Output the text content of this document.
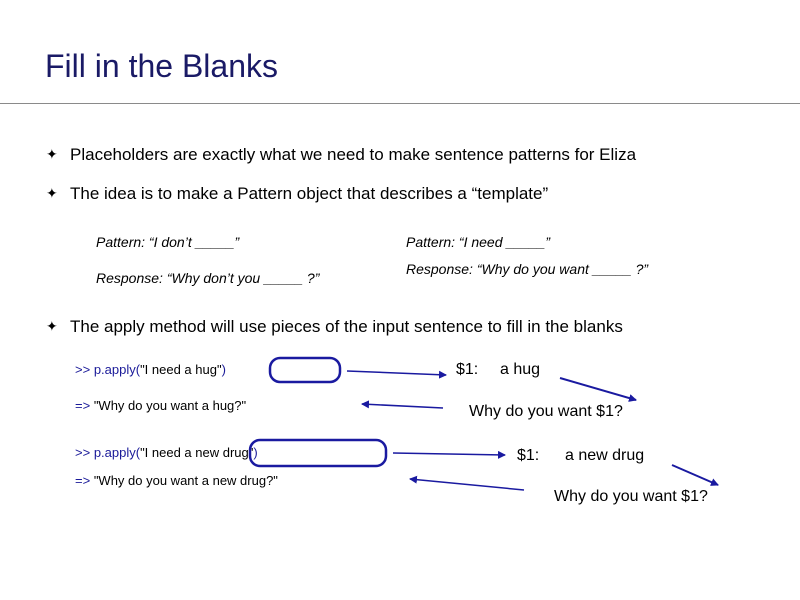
Fill in the Blanks
✦ Placeholders are exactly what we need to make sentence patterns for Eliza
✦ The idea is to make a Pattern object that describes a “template”
Pattern: “I don’t _____”
Response: “Why don’t you _____ ?”
Pattern: “I need _____”
Response: “Why do you want _____ ?”
✦ The apply method will use pieces of the input sentence to fill in the blanks
>> p.apply("I need a hug")
=> "Why do you want a hug?"
$1: a hug
Why do you want $1?
>> p.apply("I need a new drug")
=> "Why do you want a new drug?"
$1: a new drug
Why do you want $1?
